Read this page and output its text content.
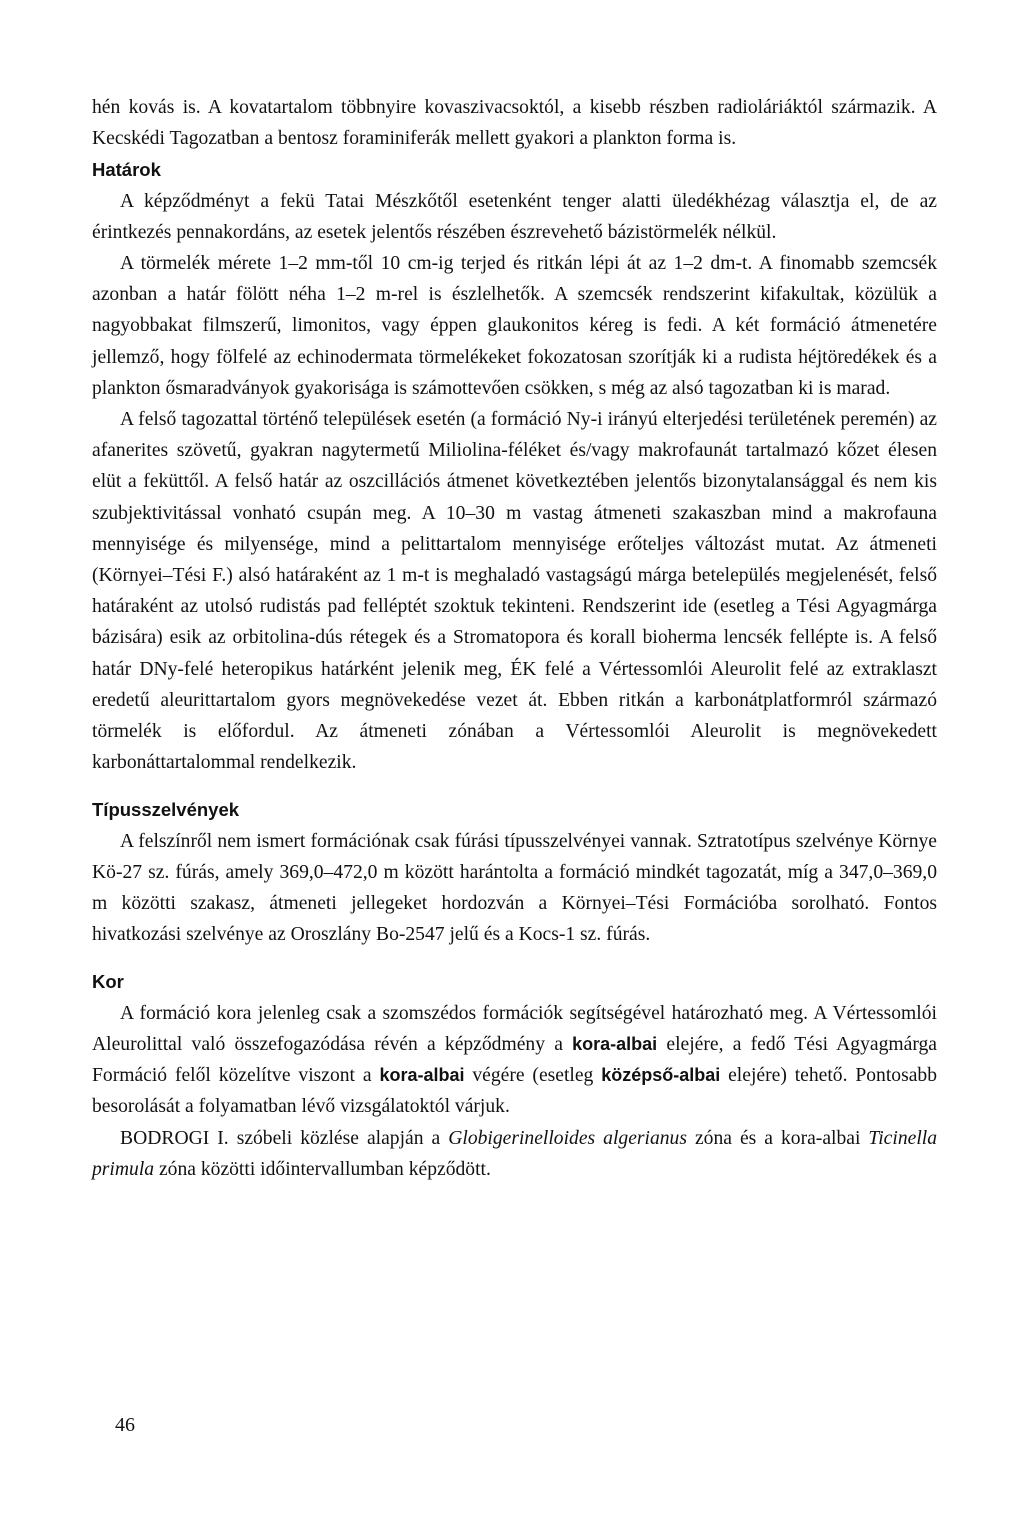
hén kovás is. A kovatartalom többnyire kovaszivacsoktól, a kisebb részben radioláriáktól származik. A Kecskédi Tagozatban a bentosz foraminiferák mellett gyakori a plankton forma is.

Határok

A képződményt a fekü Tatai Mészkőtől esetenként tenger alatti üledékhézag választja el, de az érintkezés pennakordáns, az esetek jelentős részében észrevehető bázistörmelék nélkül.

A törmelék mérete 1–2 mm-től 10 cm-ig terjed és ritkán lépi át az 1–2 dm-t. A finomabb szemcsék azonban a határ fölött néha 1–2 m-rel is észlelhetők. A szemcsék rendszerint kifakultak, közülük a nagyobbakat filmszerű, limonitos, vagy éppen glaukonitos kéreg is fedi. A két formáció átmenetére jellemző, hogy fölfelé az echinodermata törmelékeket fokozatosan szorítják ki a rudista héjtöredékek és a plankton ősmaradványok gyakorisága is számottevően csökken, s még az alsó tagozatban ki is marad.

A felső tagozattal történő települések esetén (a formáció Ny-i irányú elterjedési területének peremén) az afanerites szövetű, gyakran nagytermetű Miliolina-féléket és/vagy makrofaunát tartalmazó kőzet élesen elüt a feküttől. A felső határ az oszcillációs átmenet következtében jelentős bizonytalansággal és nem kis szubjektivitással vonható csupán meg. A 10–30 m vastag átmeneti szakaszban mind a makrofauna mennyisége és milyensége, mind a pelittartalom mennyisége erőteljes változást mutat. Az átmeneti (Környei–Tési F.) alsó határaként az 1 m-t is meghaladó vastagságú márga betelepülés megjelenését, felső határaként az utolsó rudistás pad felléptét szoktuk tekinteni. Rendszerint ide (esetleg a Tési Agyagmárga bázisára) esik az orbitolina-dús rétegek és a Stromatopora és korall bioherma lencsék fellépte is. A felső határ DNy-felé heteropikus határként jelenik meg, ÉK felé a Vértessomlói Aleurolit felé az extraklaszt eredetű aleurittartalom gyors megnövekedése vezet át. Ebben ritkán a karbonátplatformról származó törmelék is előfordul. Az átmeneti zónában a Vértessomlói Aleurolit is megnövekedett karbonáttartalommal rendelkezik.

Típusszelvények

A felszínről nem ismert formációnak csak fúrási típusszelvényei vannak. Sztratotípus szelvénye Környe Kö-27 sz. fúrás, amely 369,0–472,0 m között harántolta a formáció mindkét tagozatát, míg a 347,0–369,0 m közötti szakasz, átmeneti jellegeket hordozván a Környei–Tési Formációba sorolható. Fontos hivatkozási szelvénye az Oroszlány Bo-2547 jelű és a Kocs-1 sz. fúrás.

Kor

A formáció kora jelenleg csak a szomszédos formációk segítségével határozható meg. A Vértessomlói Aleurolittal való összefogazódása révén a képződmény a kora-albai elejére, a fedő Tési Agyagmárga Formáció felől közelítve viszont a kora-albai végére (esetleg középső-albai elejére) tehető. Pontosabb besorolását a folyamatban lévő vizsgálatoktól várjuk.

BODROGI I. szóbeli közlése alapján a Globigerinelloides algerianus zóna és a kora-albai Ticinella primula zóna közötti időintervallumban képződött.

46
